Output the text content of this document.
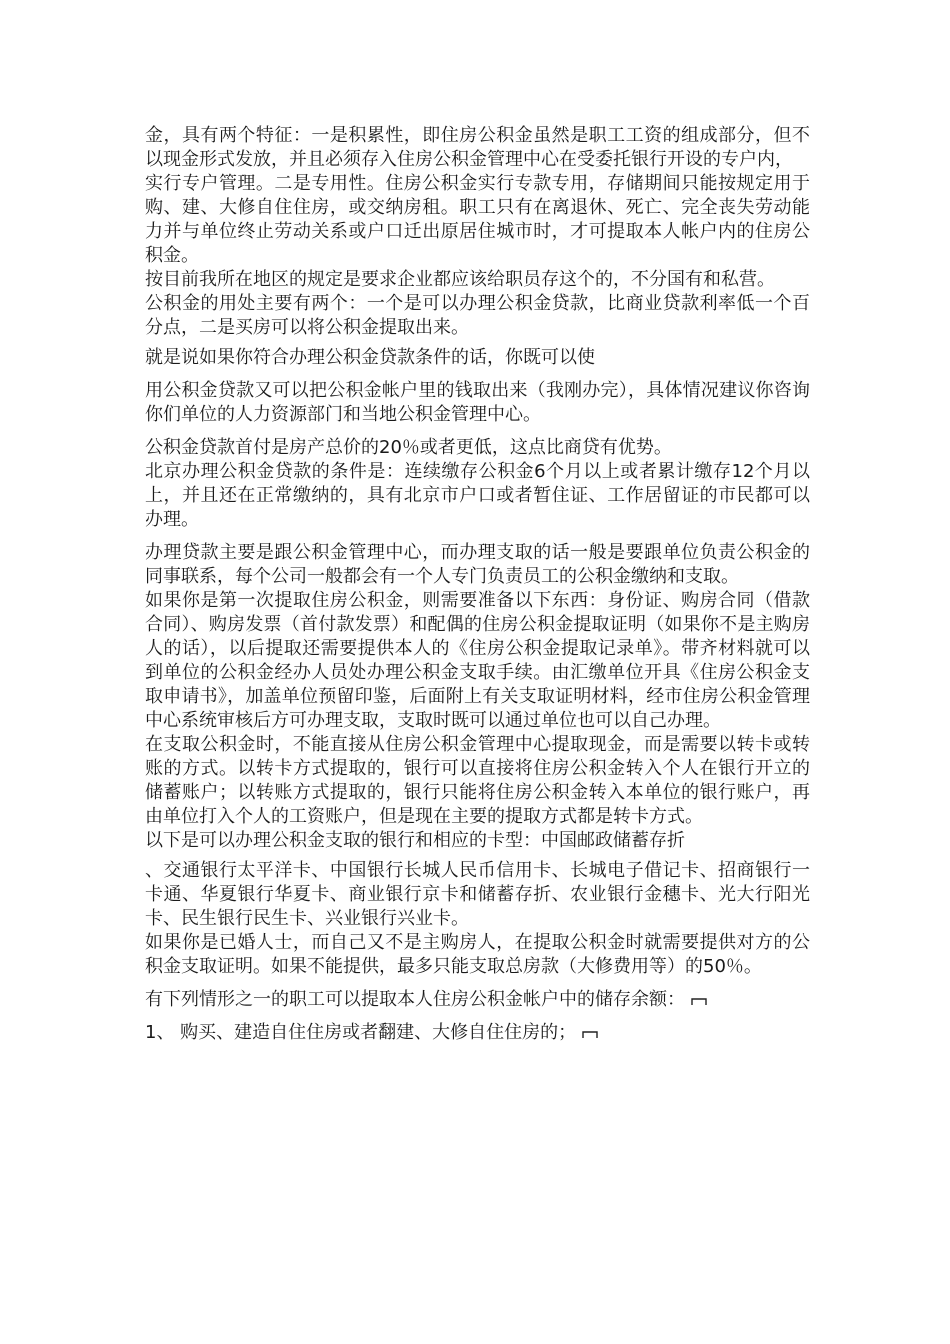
金，具有两个特征：一是积累性，即住房公积金虽然是职工工资的组成部分，但不以现金形式发放，并且必须存入住房公积金管理中心在受委托银行开设的专户内，

实行专户管理。二是专用性。住房公积金实行专款专用，存储期间只能按规定用于购、建、大修自住住房，或交纳房租。职工只有在离退休、死亡、完全丧失劳动能力并与单位终止劳动关系或户口迁出原居住城市时，才可提取本人帐户内的住房公积金。

按目前我所在地区的规定是要求企业都应该给职员存这个的，不分国有和私营。

公积金的用处主要有两个：一个是可以办理公积金贷款，比商业贷款利率低一个百分点，二是买房可以将公积金提取出来。

就是说如果你符合办理公积金贷款条件的话，你既可以使

用公积金贷款又可以把公积金帐户里的钱取出来（我刚办完），具体情况建议你咨询你们单位的人力资源部门和当地公积金管理中心。

公积金贷款首付是房产总价的20％或者更低，这点比商贷有优势。

北京办理公积金贷款的条件是：连续缴存公积金6个月以上或者累计缴存12个月以上，并且还在正常缴纳的，具有北京市户口或者暂住证、工作居留证的市民都可以办理。

办理贷款主要是跟公积金管理中心，而办理支取的话一般是要跟单位负责公积金的同事联系，每个公司一般都会有一个人专门负责员工的公积金缴纳和支取。

如果你是第一次提取住房公积金，则需要准备以下东西：身份证、购房合同（借款合同）、购房发票（首付款发票）和配偶的住房公积金提取证明（如果你不是主购房人的话），以后提取还需要提供本人的《住房公积金提取记录单》。带齐材料就可以到单位的公积金经办人员处办理公积金支取手续。由汇缴单位开具《住房公积金支取申请书》，加盖单位预留印鉴，后面附上有关支取证明材料，经市住房公积金管理中心系统审核后方可办理支取，支取时既可以通过单位也可以自己办理。

在支取公积金时，不能直接从住房公积金管理中心提取现金，而是需要以转卡或转账的方式。以转卡方式提取的，银行可以直接将住房公积金转入个人在银行开立的储蓄账户；以转账方式提取的，银行只能将住房公积金转入本单位的银行账户，再由单位打入个人的工资账户，但是现在主要的提取方式都是转卡方式。

以下是可以办理公积金支取的银行和相应的卡型：中国邮政储蓄存折

、交通银行太平洋卡、中国银行长城人民币信用卡、长城电子借记卡、招商银行一卡通、华夏银行华夏卡、商业银行京卡和储蓄存折、农业银行金穗卡、光大行阳光卡、民生银行民生卡、兴业银行兴业卡。

如果你是已婚人士，而自己又不是主购房人，在提取公积金时就需要提供对方的公积金支取证明。如果不能提供，最多只能支取总房款（大修费用等）的50％。

有下列情形之一的职工可以提取本人住房公积金帐户中的储存余额：

1、 购买、建造自住住房或者翻建、大修自住住房的；
